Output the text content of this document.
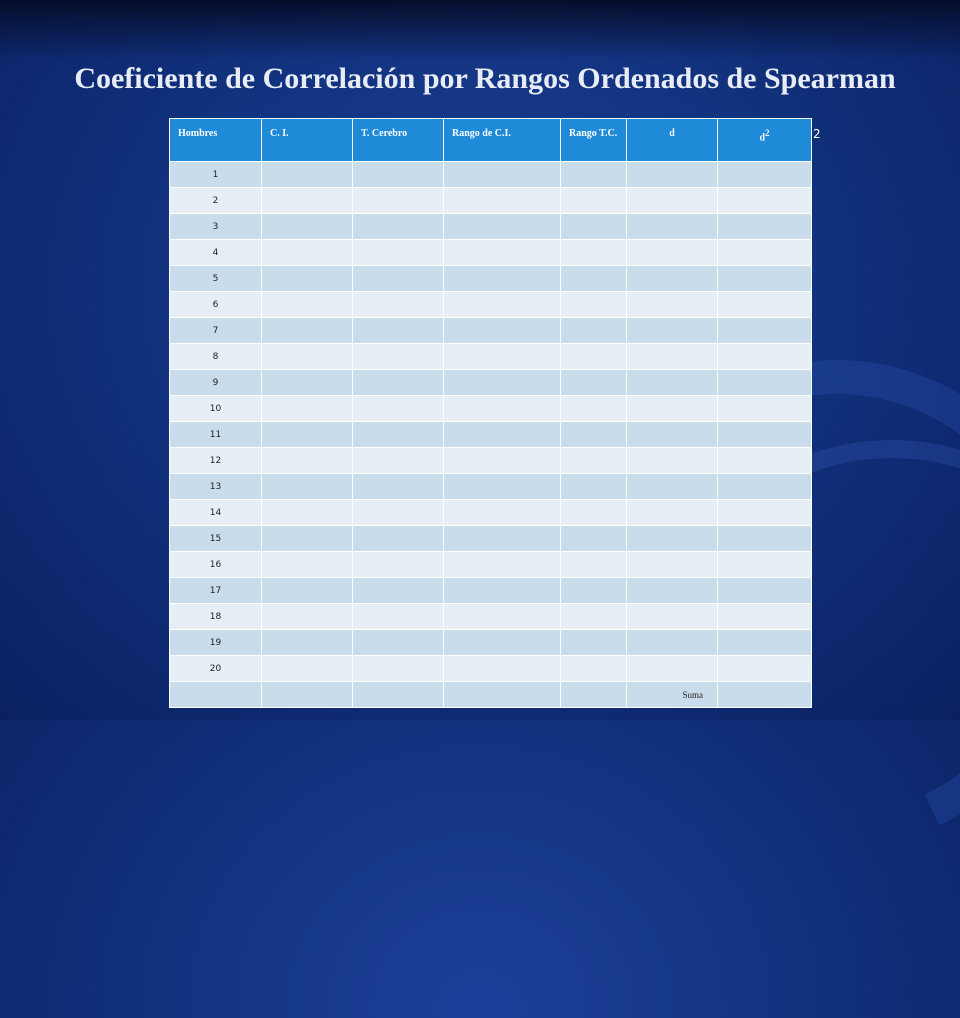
Coeficiente de Correlación por Rangos Ordenados de Spearman
Hombres	C. I.	T. Cerebro	Rango de C.I.	Rango T.C.	d	d2
1						
2						
3						
4						
5						
6						
7						
8						
9						
10						
11						
12						
13						
14						
15						
16						
17						
18						
19						
20						
					Suma	
2
